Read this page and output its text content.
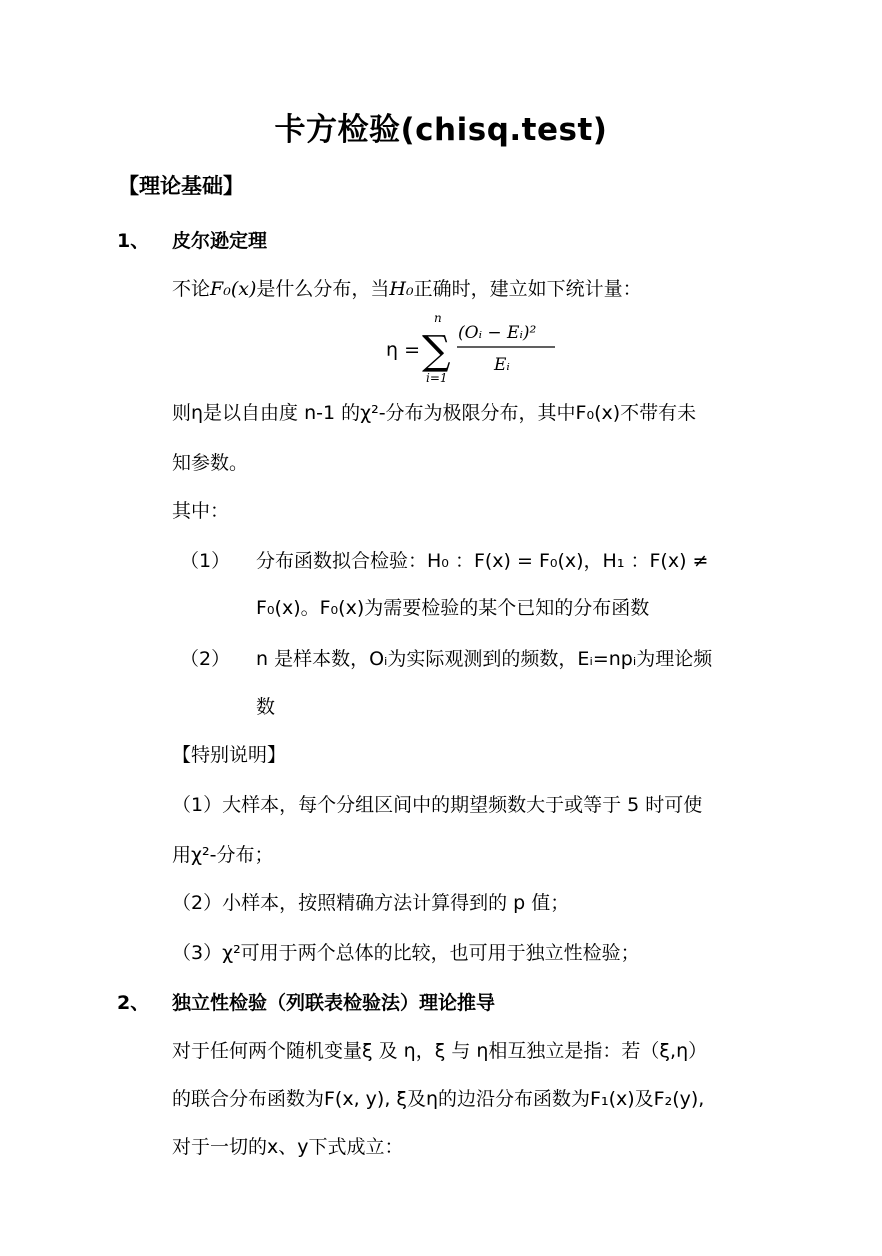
卡方检验(chisq.test)
【理论基础】
1、 皮尔逊定理
不论F₀(x)是什么分布，当H₀正确时，建立如下统计量：
η = ∑
n
i=1
(Oᵢ − Eᵢ)²
Eᵢ
则η是以自由度 n-1 的χ²-分布为极限分布，其中F₀(x)不带有未
知参数。
其中：
（1） 分布函数拟合检验：H₀ ：F(x) = F₀(x)，H₁ ：F(x) ≠
F₀(x)。F₀(x)为需要检验的某个已知的分布函数
（2） n 是样本数，Oᵢ为实际观测到的频数，Eᵢ=npᵢ为理论频
数
【特别说明】
（1）大样本，每个分组区间中的期望频数大于或等于 5 时可使
用χ²-分布；
（2）小样本，按照精确方法计算得到的 p 值；
（3）χ²可用于两个总体的比较，也可用于独立性检验；
2、 独立性检验（列联表检验法）理论推导
对于任何两个随机变量ξ 及 η，ξ 与 η相互独立是指：若（ξ,η）
的联合分布函数为F(x, y), ξ及η的边沿分布函数为F₁(x)及F₂(y),
对于一切的x、y下式成立：
